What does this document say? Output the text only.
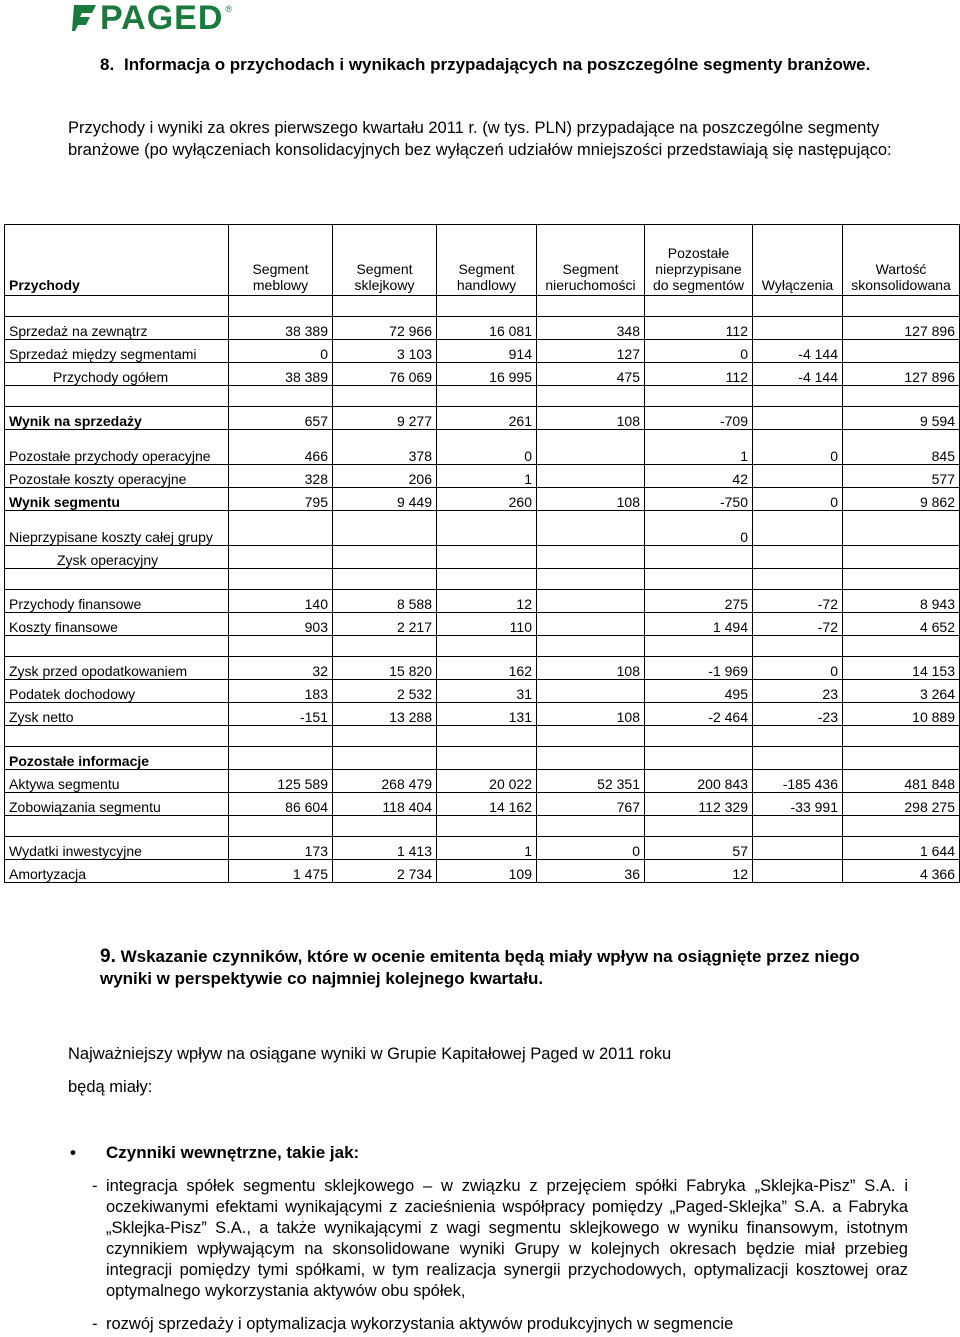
PAGED ®
8. Informacja o przychodach i wynikach przypadających na poszczególne segmenty branżowe.
Przychody i wyniki za okres pierwszego kwartału 2011 r. (w tys. PLN) przypadające na poszczególne segmenty branżowe (po wyłączeniach konsolidacyjnych bez wyłączeń udziałów mniejszości przedstawiają się następująco:
Przychody	Segment meblowy	Segment sklejkowy	Segment handlowy	Segment nieruchomości	Pozostałe nieprzypisane do segmentów	Wyłączenia	Wartość skonsolidowana

Sprzedaż na zewnątrz	38 389	72 966	16 081	348	112		127 896
Sprzedaż między segmentami	0	3 103	914	127	0	-4 144	
Przychody ogółem	38 389	76 069	16 995	475	112	-4 144	127 896

Wynik na sprzedaży	657	9 277	261	108	-709		9 594
Pozostałe przychody operacyjne	466	378	0		1	0	845
Pozostałe koszty operacyjne	328	206	1		42		577
Wynik segmentu	795	9 449	260	108	-750	0	9 862
Nieprzypisane koszty całej grupy					0		
Zysk operacyjny							

Przychody finansowe	140	8 588	12		275	-72	8 943
Koszty finansowe	903	2 217	110		1 494	-72	4 652

Zysk przed opodatkowaniem	32	15 820	162	108	-1 969	0	14 153
Podatek dochodowy	183	2 532	31		495	23	3 264
Zysk netto	-151	13 288	131	108	-2 464	-23	10 889

Pozostałe informacje							
Aktywa segmentu	125 589	268 479	20 022	52 351	200 843	-185 436	481 848
Zobowiązania segmentu	86 604	118 404	14 162	767	112 329	-33 991	298 275

Wydatki inwestycyjne	173	1 413	1	0	57		1 644
Amortyzacja	1 475	2 734	109	36	12		4 366
9. Wskazanie czynników, które w ocenie emitenta będą miały wpływ na osiągnięte przez niego wyniki w perspektywie co najmniej kolejnego kwartału.
Najważniejszy wpływ na osiągane wyniki w Grupie Kapitałowej Paged w 2011 roku
będą miały:
• Czynniki wewnętrzne, takie jak:
- integracja spółek segmentu sklejkowego – w związku z przejęciem spółki Fabryka „Sklejka-Pisz” S.A. i oczekiwanymi efektami wynikającymi z zacieśnienia współpracy pomiędzy „Paged-Sklejka” S.A. a Fabryka „Sklejka-Pisz” S.A., a także wynikającymi z wagi segmentu sklejkowego w wyniku finansowym, istotnym czynnikiem wpływającym na skonsolidowane wyniki Grupy w kolejnych okresach będzie miał przebieg integracji pomiędzy tymi spółkami, w tym realizacja synergii przychodowych, optymalizacji kosztowej oraz optymalnego wykorzystania aktywów obu spółek,
- rozwój sprzedaży i optymalizacja wykorzystania aktywów produkcyjnych w segmencie
